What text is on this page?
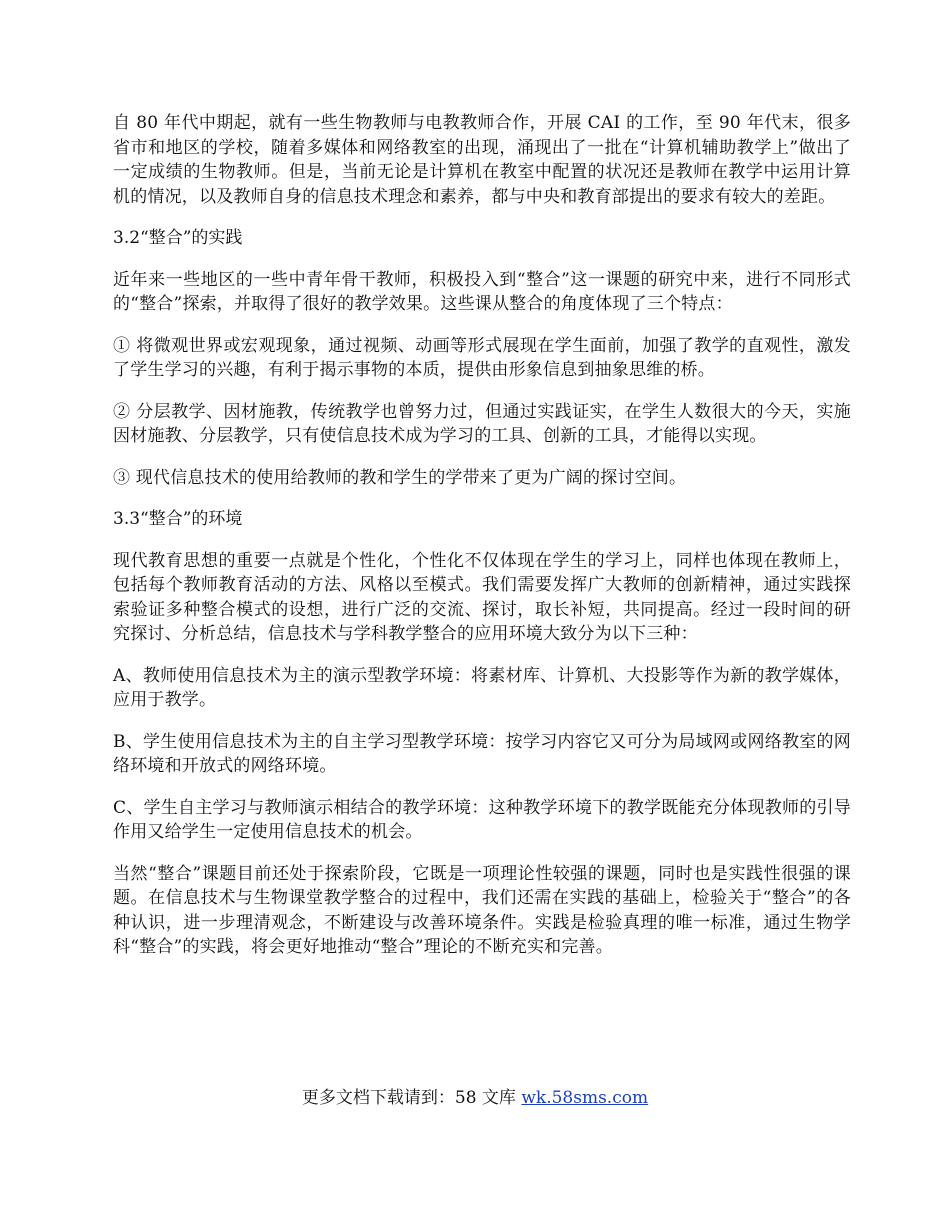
自 80 年代中期起，就有一些生物教师与电教教师合作，开展 CAI 的工作，至 90 年代末，很多省市和地区的学校，随着多媒体和网络教室的出现，涌现出了一批在“计算机辅助教学上”做出了一定成绩的生物教师。但是，当前无论是计算机在教室中配置的状况还是教师在教学中运用计算机的情况，以及教师自身的信息技术理念和素养，都与中央和教育部提出的要求有较大的差距。

3.2“整合”的实践

近年来一些地区的一些中青年骨干教师，积极投入到“整合”这一课题的研究中来，进行不同形式的“整合”探索，并取得了很好的教学效果。这些课从整合的角度体现了三个特点：

① 将微观世界或宏观现象，通过视频、动画等形式展现在学生面前，加强了教学的直观性，激发了学生学习的兴趣，有利于揭示事物的本质，提供由形象信息到抽象思维的桥。

② 分层教学、因材施教，传统教学也曾努力过，但通过实践证实，在学生人数很大的今天，实施因材施教、分层教学，只有使信息技术成为学习的工具、创新的工具，才能得以实现。

③ 现代信息技术的使用给教师的教和学生的学带来了更为广阔的探讨空间。

3.3“整合”的环境

现代教育思想的重要一点就是个性化，个性化不仅体现在学生的学习上，同样也体现在教师上，包括每个教师教育活动的方法、风格以至模式。我们需要发挥广大教师的创新精神，通过实践探索验证多种整合模式的设想，进行广泛的交流、探讨，取长补短，共同提高。经过一段时间的研究探讨、分析总结，信息技术与学科教学整合的应用环境大致分为以下三种：

A、教师使用信息技术为主的演示型教学环境：将素材库、计算机、大投影等作为新的教学媒体，应用于教学。

B、学生使用信息技术为主的自主学习型教学环境：按学习内容它又可分为局域网或网络教室的网络环境和开放式的网络环境。

C、学生自主学习与教师演示相结合的教学环境：这种教学环境下的教学既能充分体现教师的引导作用又给学生一定使用信息技术的机会。

当然“整合”课题目前还处于探索阶段，它既是一项理论性较强的课题，同时也是实践性很强的课题。在信息技术与生物课堂教学整合的过程中，我们还需在实践的基础上，检验关于“整合”的各种认识，进一步理清观念，不断建设与改善环境条件。实践是检验真理的唯一标准，通过生物学科“整合”的实践，将会更好地推动“整合”理论的不断充实和完善。

更多文档下载请到：58 文库 wk.58sms.com
